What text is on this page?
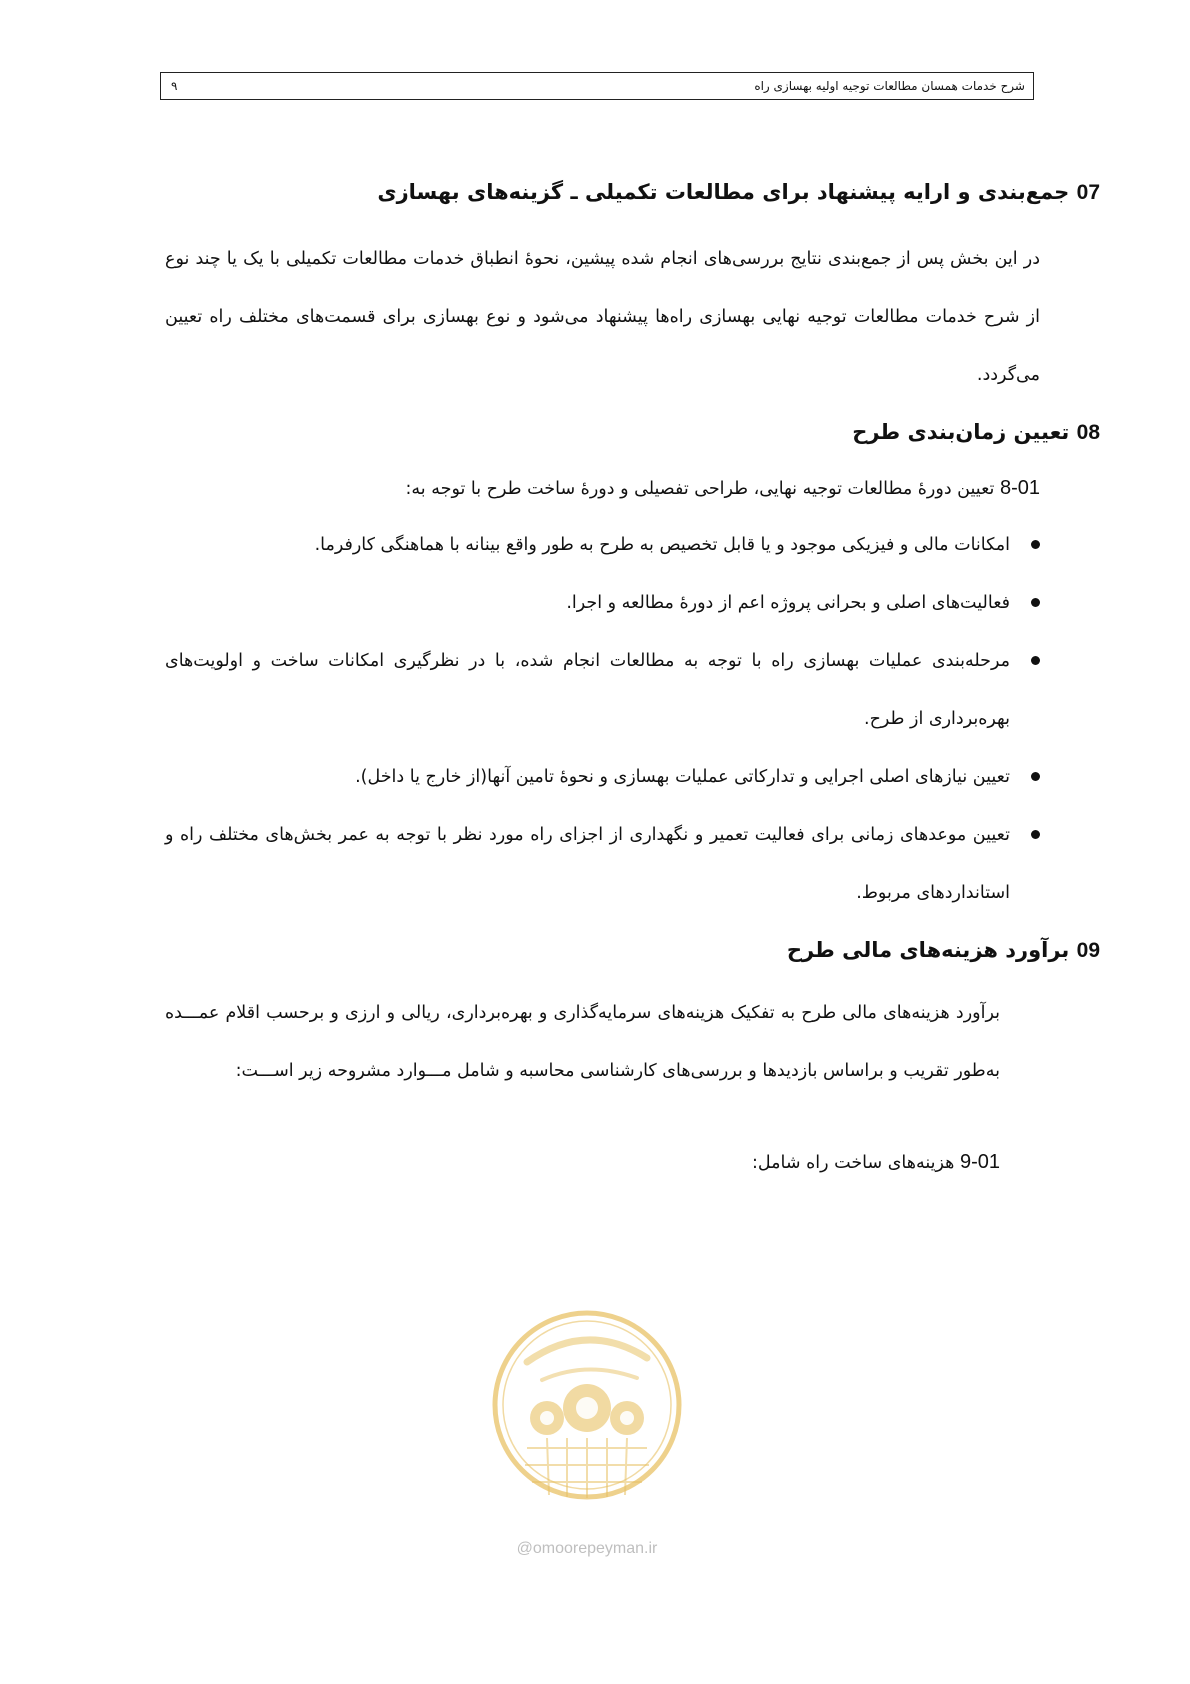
شرح خدمات همسان مطالعات توجیه اولیه بهسازی راه
۹
07 جمع‌بندی و ارایه پیشنهاد برای مطالعات تکمیلی ـ گزینه‌های بهسازی

در این بخش پس از جمع‌بندی نتایج بررسی‌های انجام شده پیشین، نحوهٔ انطباق خدمات مطالعات تکمیلی با یک یا چند نوع از شرح خدمات مطالعات توجیه نهایی بهسازی راه‌ها پیشنهاد می‌شود و نوع بهسازی برای قسمت‌های مختلف راه تعیین می‌گردد.

08 تعیین زمان‌بندی طرح
8-01 تعیین دورهٔ مطالعات توجیه نهایی، طراحی تفصیلی و دورهٔ ساخت طرح با توجه به:
امکانات مالی و فیزیکی موجود و یا قابل تخصیص به طرح به طور واقع بینانه با هماهنگی کارفرما.
فعالیت‌های اصلی و بحرانی پروژه اعم از دورهٔ مطالعه و اجرا.
مرحله‌بندی عملیات بهسازی راه با توجه به مطالعات انجام شده، با در نظرگیری امکانات ساخت و اولویت‌های بهره‌برداری از طرح.
تعیین نیازهای اصلی اجرایی و تدارکاتی عملیات بهسازی و نحوهٔ تامین آنها(از خارج یا داخل).
تعیین موعدهای زمانی برای فعالیت تعمیر و نگهداری از اجزای راه مورد نظر با توجه به عمر بخش‌های مختلف راه و استانداردهای مربوط.
09 برآورد هزینه‌های مالی طرح

برآورد هزینه‌های مالی طرح به تفکیک هزینه‌های سرمایه‌گذاری و بهره‌برداری، ریالی و ارزی و برحسب اقلام عمـــده به‌طور تقریب و براساس بازدیدها و بررسی‌های کارشناسی محاسبه و شامل مـــوارد مشروحه زیر اســـت:

9-01 هزینه‌های ساخت راه شامل:
@omoorepeyman.ir
